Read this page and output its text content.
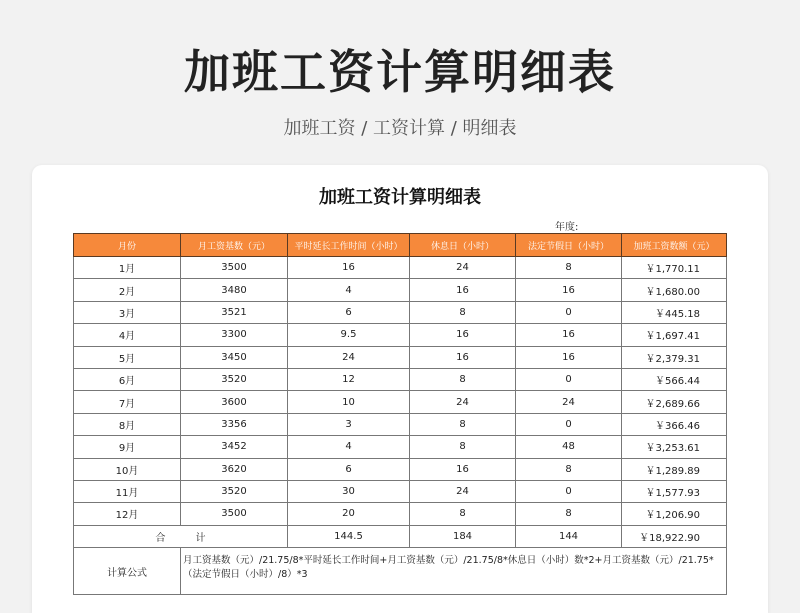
加班工资计算明细表
加班工资 / 工资计算 / 明细表
加班工资计算明细表
年度:
月份	月工资基数（元）	平时延长工作时间（小时）	休息日（小时）	法定节假日（小时）	加班工资数额（元）
1月	3500	16	24	8	￥1,770.11
2月	3480	4	16	16	￥1,680.00
3月	3521	6	8	0	￥445.18
4月	3300	9.5	16	16	￥1,697.41
5月	3450	24	16	16	￥2,379.31
6月	3520	12	8	0	￥566.44
7月	3600	10	24	24	￥2,689.66
8月	3356	3	8	0	￥366.46
9月	3452	4	8	48	￥3,253.61
10月	3620	6	16	8	￥1,289.89
11月	3520	30	24	0	￥1,577.93
12月	3500	20	8	8	￥1,206.90
合　　　计		144.5	184	144	￥18,922.90
计算公式	月工资基数（元）/21.75/8*平时延长工作时间+月工资基数（元）/21.75/8*休息日（小时）数*2+月工资基数（元）/21.75*（法定节假日（小时）/8）*3				
